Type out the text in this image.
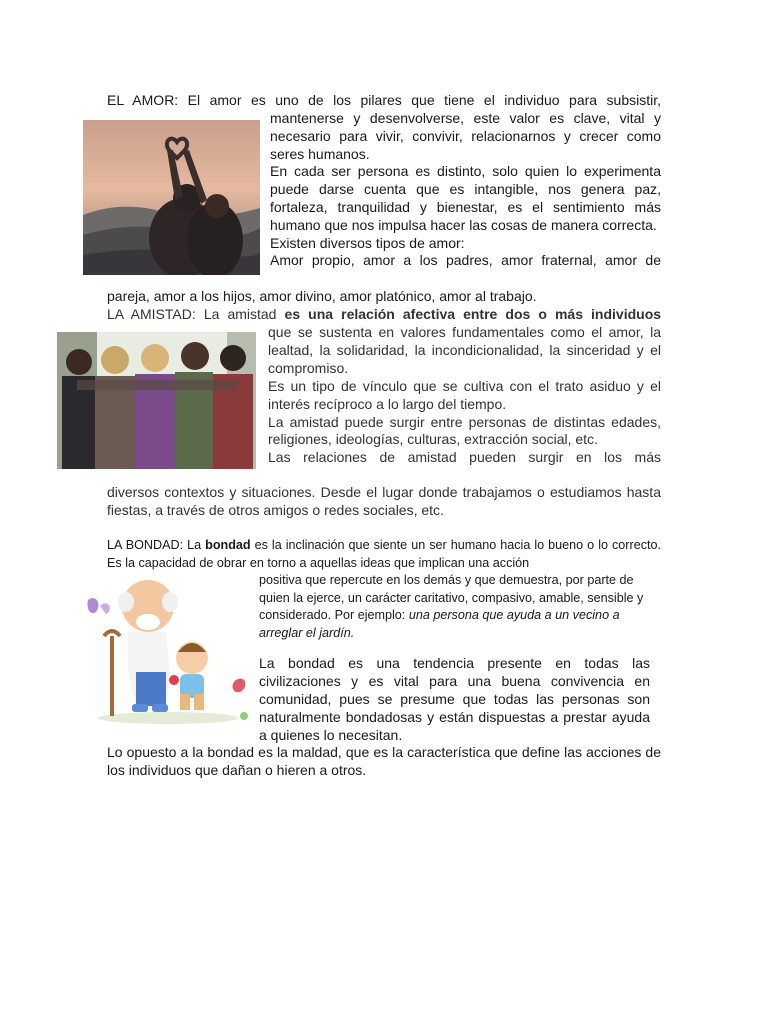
EL AMOR: El amor es uno de los pilares que tiene el individuo para subsistir,

mantenerse y desenvolverse, este valor es clave, vital y necesario para vivir, convivir, relacionarnos y crecer como seres humanos.

En cada ser persona es distinto, solo quien lo experimenta puede darse cuenta que es intangible, nos genera paz, fortaleza, tranquilidad y bienestar, es el sentimiento más humano que nos impulsa hacer las cosas de manera correcta.

Existen diversos tipos de amor:

Amor propio, amor a los padres, amor fraternal, amor de

pareja, amor a los hijos, amor divino, amor platónico, amor al trabajo.

LA AMISTAD: La amistad es una relación afectiva entre dos o más individuos

que se sustenta en valores fundamentales como el amor, la lealtad, la solidaridad, la incondicionalidad, la sinceridad y el compromiso.

Es un tipo de vínculo que se cultiva con el trato asiduo y el interés recíproco a lo largo del tiempo.

La amistad puede surgir entre personas de distintas edades, religiones, ideologías, culturas, extracción social, etc.

Las relaciones de amistad pueden surgir en los más

diversos contextos y situaciones. Desde el lugar donde trabajamos o estudiamos hasta fiestas, a través de otros amigos o redes sociales, etc.

LA BONDAD: La bondad es la inclinación que siente un ser humano hacia lo bueno o lo correcto. Es la capacidad de obrar en torno a aquellas ideas que implican una acción

positiva que repercute en los demás y que demuestra, por parte de quien la ejerce, un carácter caritativo, compasivo, amable, sensible y considerado. Por ejemplo: una persona que ayuda a un vecino a arreglar el jardín.

La bondad es una tendencia presente en todas las civilizaciones y es vital para una buena convivencia en comunidad, pues se presume que todas las personas son naturalmente bondadosas y están dispuestas a prestar ayuda a quienes lo necesitan.

Lo opuesto a la bondad es la maldad, que es la característica que define las acciones de los individuos que dañan o hieren a otros.
